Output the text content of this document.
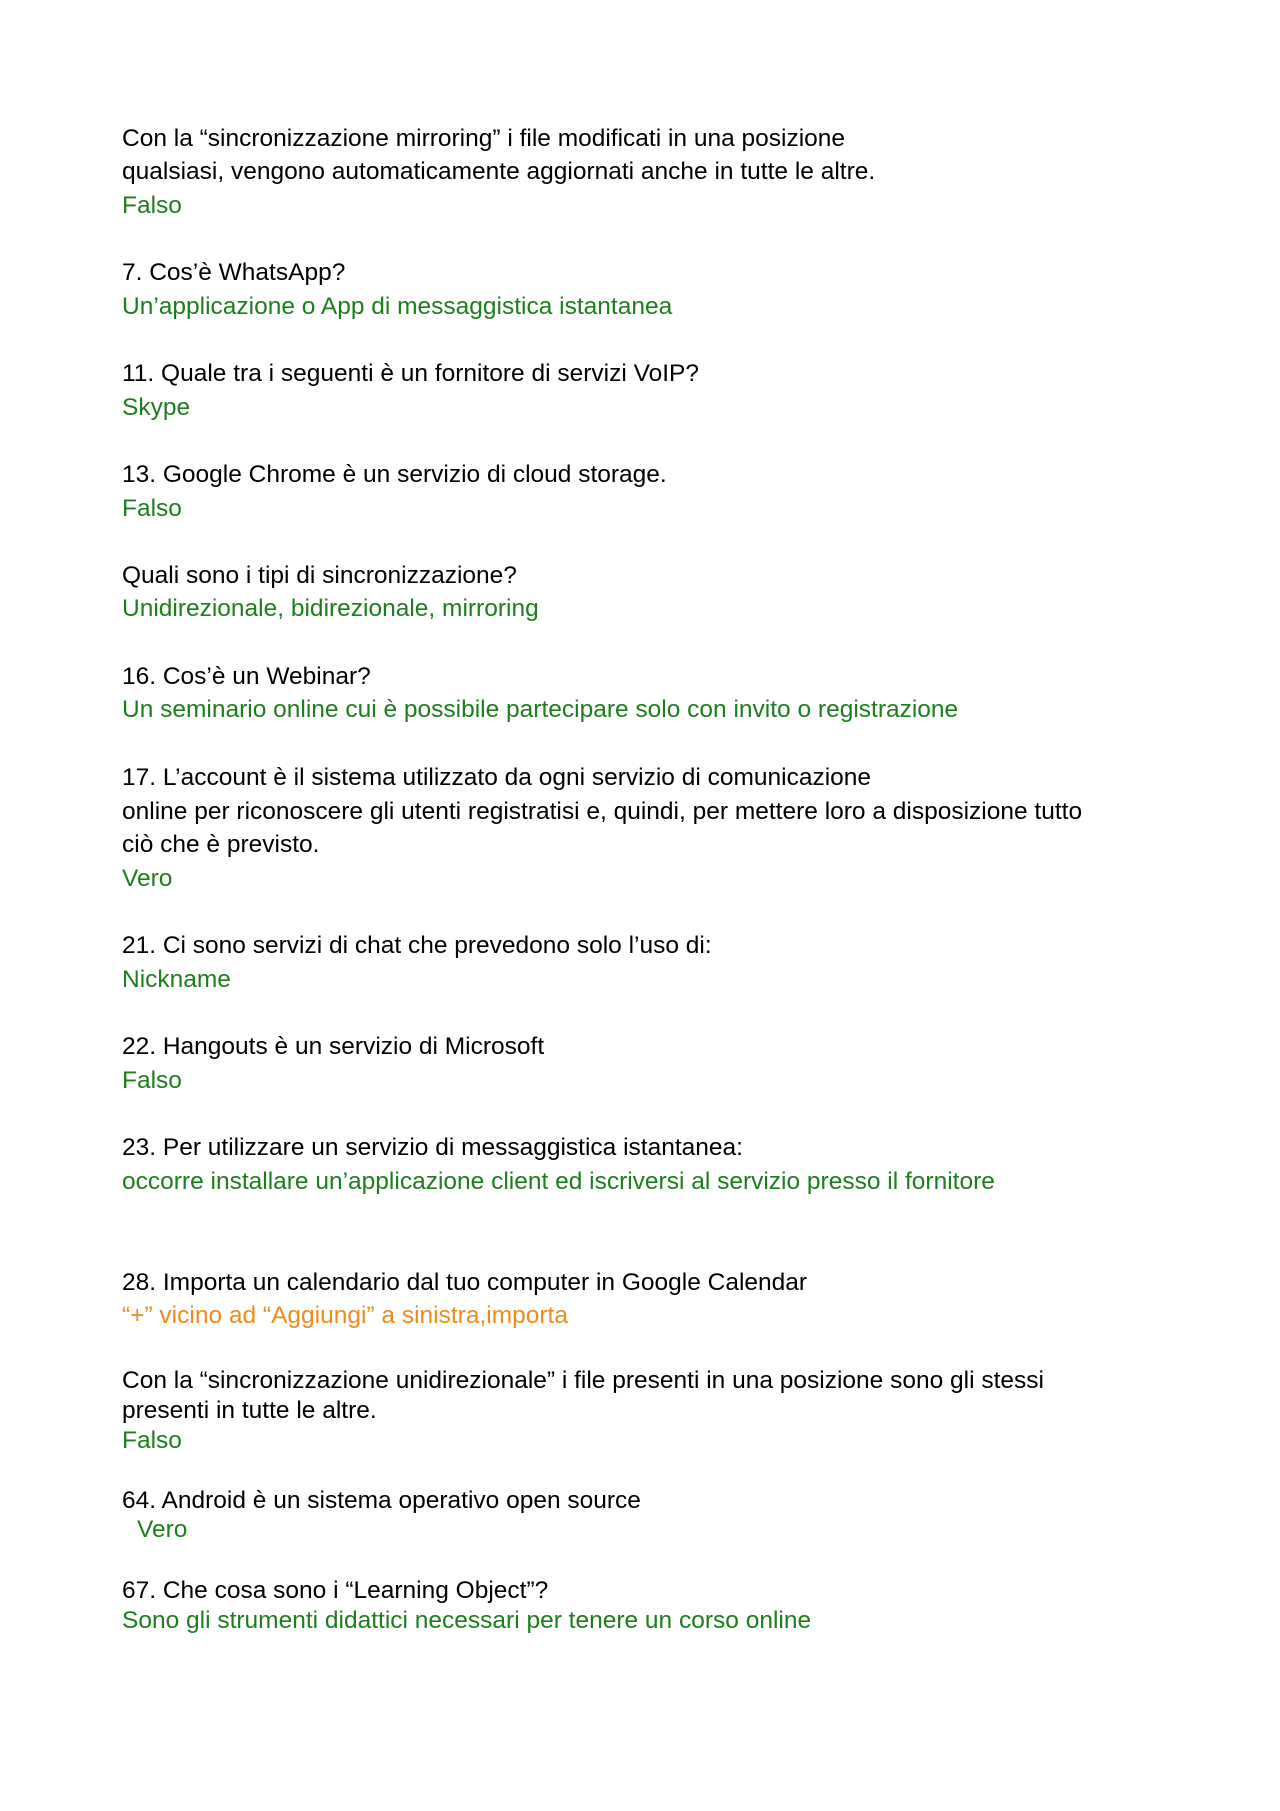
Con la “sincronizzazione mirroring” i file modificati in una posizione
qualsiasi, vengono automaticamente aggiornati anche in tutte le altre.
Falso
7. Cos’è WhatsApp?
Un’applicazione o App di messaggistica istantanea
11. Quale tra i seguenti è un fornitore di servizi VoIP?
Skype
13. Google Chrome è un servizio di cloud storage.
Falso
Quali sono i tipi di sincronizzazione?
Unidirezionale, bidirezionale, mirroring
16. Cos’è un Webinar?
Un seminario online cui è possibile partecipare solo con invito o registrazione
17. L’account è il sistema utilizzato da ogni servizio di comunicazione
online per riconoscere gli utenti registratisi e, quindi, per mettere loro a disposizione tutto
ciò che è previsto.
Vero
21. Ci sono servizi di chat che prevedono solo l’uso di:
Nickname
22. Hangouts è un servizio di Microsoft
Falso
23. Per utilizzare un servizio di messaggistica istantanea:
occorre installare un’applicazione client ed iscriversi al servizio presso il fornitore
28. Importa un calendario dal tuo computer in Google Calendar
“+” vicino ad “Aggiungi” a sinistra,importa
Con la “sincronizzazione unidirezionale” i file presenti in una posizione sono gli stessi
presenti in tutte le altre.
Falso
64. Android è un sistema operativo open source
Vero
67. Che cosa sono i “Learning Object”?
Sono gli strumenti didattici necessari per tenere un corso online
